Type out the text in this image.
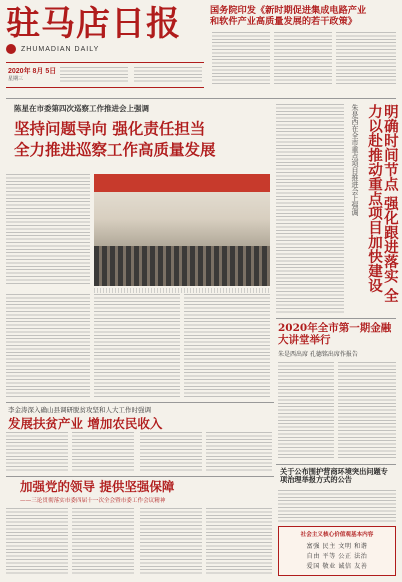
驻马店日报
ZHUMADIAN DAILY
2020年 8月 5日
星期三
国务院印发《新时期促进集成电路产业
和软件产业高质量发展的若干政策》
陈星在市委第四次巡察工作推进会上强调
坚持问题导向 强化责任担当
全力推进巡察工作高质量发展	明确时间节点 强化跟进落实 全力以赴推动重点项目加快建设
朱是西在全市重点项目推进会上强调
2020年全市第一期金融大讲堂举行
朱是西出席 孔德铭出席作报告
李金涛深入确山县调研脱贫攻坚和人大工作时强调
发展扶贫产业 增加农民收入
加强党的领导 提供坚强保障
——三论贯彻落实市委四届十一次全会暨市委工作会议精神
关于公布围护营商环境突出问题专项治理举报方式的公告
社会主义核心价值观基本内容
富强 民主 文明 和谐
自由 平等 公正 法治
爱国 敬业 诚信 友善
